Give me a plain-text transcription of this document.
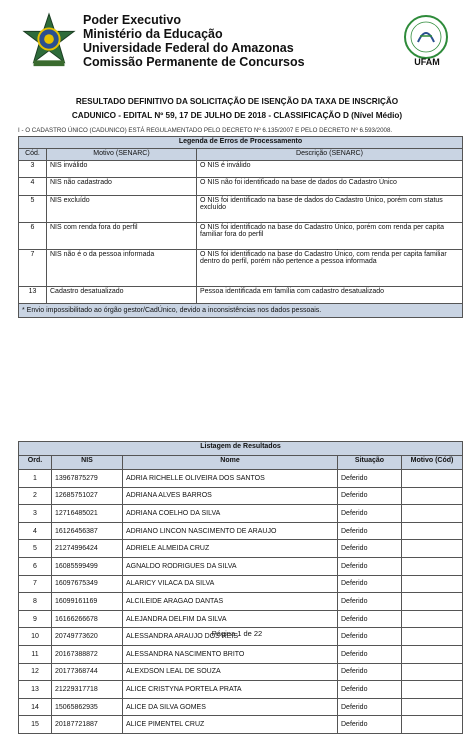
Poder Executivo
Ministério da Educação
Universidade Federal do Amazonas
Comissão Permanente de Concursos	UFAM
RESULTADO DEFINITIVO DA SOLICITAÇÃO DE ISENÇÃO DA TAXA DE INSCRIÇÃO
CADUNICO - EDITAL Nº 59, 17 DE JULHO DE 2018 - CLASSIFICAÇÃO D (Nível Médio)
I - O CADASTRO ÚNICO (CADUNICO) ESTÁ REGULAMENTADO PELO DECRETO Nº 6.135/2007 E PELO DECRETO Nº 6.593/2008.
Legenda de Erros de Processamento		
Cód.	Motivo (SENARC)	Descrição (SENARC)
3	NIS inválido	O NIS é inválido
4	NIS não cadastrado	O NIS não foi identificado na base de dados do Cadastro Único
5	NIS excluído	O NIS foi identificado na base de dados do Cadastro Único, porém com status excluído
6	NIS com renda fora do perfil	O NIS foi identificado na base do Cadastro Único, porém com renda per capita familiar fora do perfil
7	NIS não é o da pessoa informada	O NIS foi identificado na base do Cadastro Único, com renda per capita familiar dentro do perfil, porém não pertence a pessoa informada
13	Cadastro desatualizado	Pessoa identificada em família com cadastro desatualizado
* Envio impossibilitado ao órgão gestor/CadÚnico, devido a inconsistências nos dados pessoais.		
Listagem de Resultados				
Ord.	NIS	Nome	Situação	Motivo (Cód)
1	13967875279	ADRIA RICHELLE OLIVEIRA DOS SANTOS	Deferido	
2	12685751027	ADRIANA ALVES BARROS	Deferido	
3	12716485021	ADRIANA COELHO DA SILVA	Deferido	
4	16126456387	ADRIANO LINCON NASCIMENTO DE ARAUJO	Deferido	
5	21274996424	ADRIELE ALMEIDA CRUZ	Deferido	
6	16085599499	AGNALDO RODRIGUES DA SILVA	Deferido	
7	16097675349	ALARICY VILACA DA SILVA	Deferido	
8	16099161169	ALCILEIDE ARAGAO DANTAS	Deferido	
9	16166266678	ALEJANDRA DELFIM DA SILVA	Deferido	
10	20749773620	ALESSANDRA ARAUJO DOS REIS	Deferido	
11	20167388872	ALESSANDRA NASCIMENTO BRITO	Deferido	
12	20177368744	ALEXDSON LEAL DE SOUZA	Deferido	
13	21229317718	ALICE CRISTYNA PORTELA PRATA	Deferido	
14	15065862935	ALICE DA SILVA GOMES	Deferido	
15	20187721887	ALICE PIMENTEL CRUZ	Deferido	
Página 1 de 22
